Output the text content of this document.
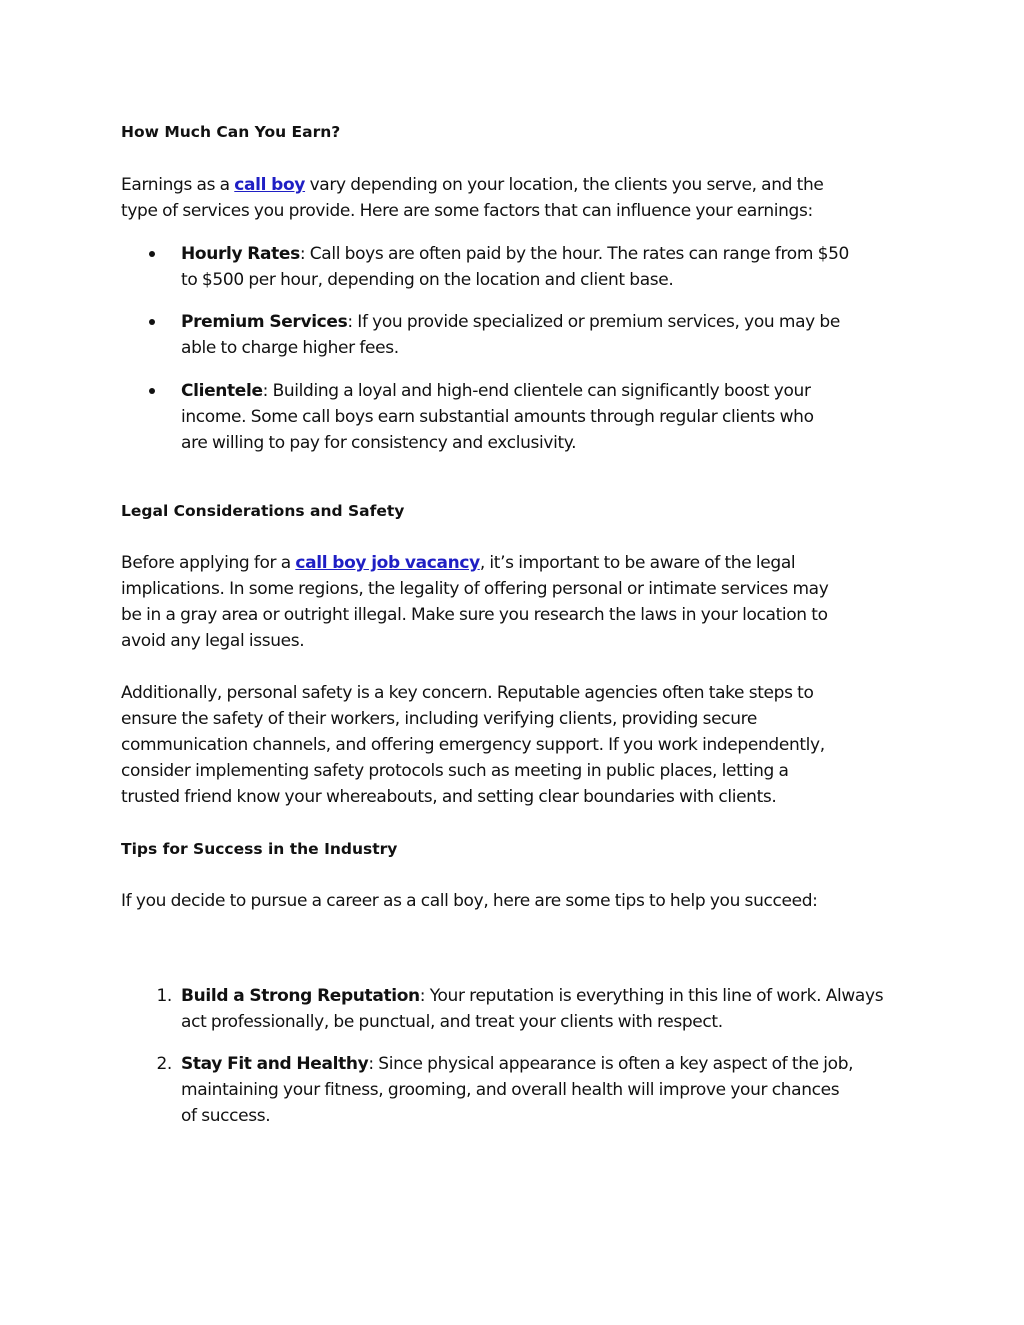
How Much Can You Earn?
Earnings as a call boy vary depending on your location, the clients you serve, and the
type of services you provide. Here are some factors that can influence your earnings:
Hourly Rates: Call boys are often paid by the hour. The rates can range from $50
to $500 per hour, depending on the location and client base.
Premium Services: If you provide specialized or premium services, you may be
able to charge higher fees.
Clientele: Building a loyal and high-end clientele can significantly boost your
income. Some call boys earn substantial amounts through regular clients who
are willing to pay for consistency and exclusivity.
Legal Considerations and Safety
Before applying for a call boy job vacancy, it’s important to be aware of the legal
implications. In some regions, the legality of offering personal or intimate services may
be in a gray area or outright illegal. Make sure you research the laws in your location to
avoid any legal issues.
Additionally, personal safety is a key concern. Reputable agencies often take steps to
ensure the safety of their workers, including verifying clients, providing secure
communication channels, and offering emergency support. If you work independently,
consider implementing safety protocols such as meeting in public places, letting a
trusted friend know your whereabouts, and setting clear boundaries with clients.
Tips for Success in the Industry
If you decide to pursue a career as a call boy, here are some tips to help you succeed:
1. Build a Strong Reputation: Your reputation is everything in this line of work. Always
act professionally, be punctual, and treat your clients with respect.
2. Stay Fit and Healthy: Since physical appearance is often a key aspect of the job,
maintaining your fitness, grooming, and overall health will improve your chances
of success.
